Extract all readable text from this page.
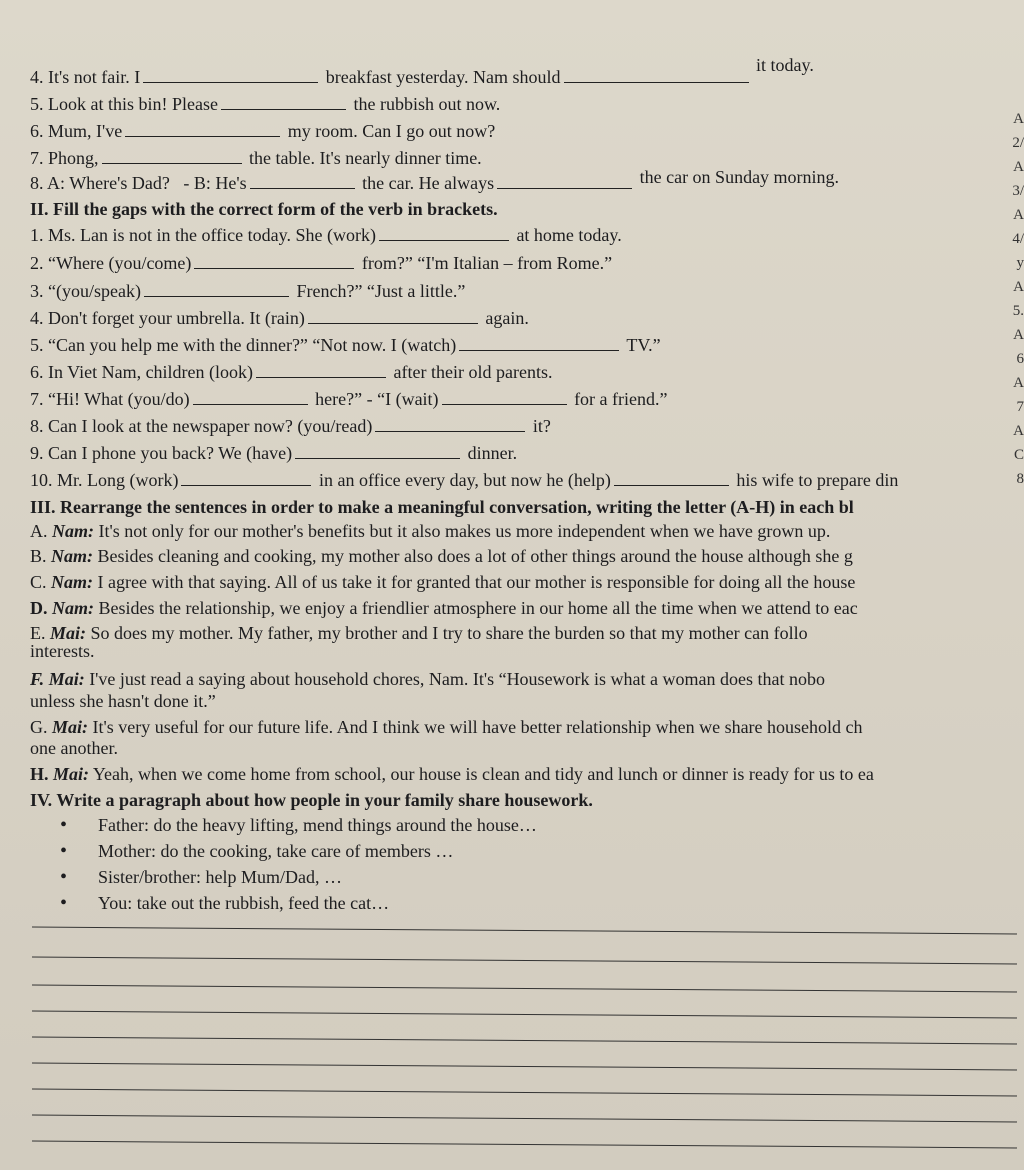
A
2/
A
3/
A
4/
y
A
5.
A
6
A
7
A
C
8
4. It's not fair. I	breakfast yesterday. Nam should it today.
5. Look at this bin! Please	the rubbish out now.
6. Mum, I've	my room. Can I go out now?
7. Phong,	the table. It's nearly dinner time.
8. A: Where's Dad? - B: He's	the car. He always	the car on Sunday morning.
II. Fill the gaps with the correct form of the verb in brackets.
1. Ms. Lan is not in the office today. She (work)	at home today.
2. “Where (you/come)	from?” “I'm Italian – from Rome.”
3. “(you/speak)	French?” “Just a little.”
4. Don't forget your umbrella. It (rain)	again.
5. “Can you help me with the dinner?” “Not now. I (watch)	TV.”
6. In Viet Nam, children (look)	after their old parents.
7. “Hi! What (you/do)	here?” - “I (wait)	for a friend.”
8. Can I look at the newspaper now? (you/read)	it?
9. Can I phone you back? We (have)	dinner.
10. Mr. Long (work)	in an office every day, but now he (help)	his wife to prepare din
III. Rearrange the sentences in order to make a meaningful conversation, writing the letter (A-H) in each bl
A. Nam: It's not only for our mother's benefits but it also makes us more independent when we have grown up.
B. Nam: Besides cleaning and cooking, my mother also does a lot of other things around the house although she g
C. Nam: I agree with that saying. All of us take it for granted that our mother is responsible for doing all the house
D. Nam: Besides the relationship, we enjoy a friendlier atmosphere in our home all the time when we attend to eac
E. Mai: So does my mother. My father, my brother and I try to share the burden so that my mother can follo
interests.
F. Mai: I've just read a saying about household chores, Nam. It's “Housework is what a woman does that nobo
unless she hasn't done it.”
G. Mai: It's very useful for our future life. And I think we will have better relationship when we share household ch
one another.
H. Mai: Yeah, when we come home from school, our house is clean and tidy and lunch or dinner is ready for us to ea
IV. Write a paragraph about how people in your family share housework.
• Father: do the heavy lifting, mend things around the house…
• Mother: do the cooking, take care of members …
• Sister/brother: help Mum/Dad, …
• You: take out the rubbish, feed the cat…
